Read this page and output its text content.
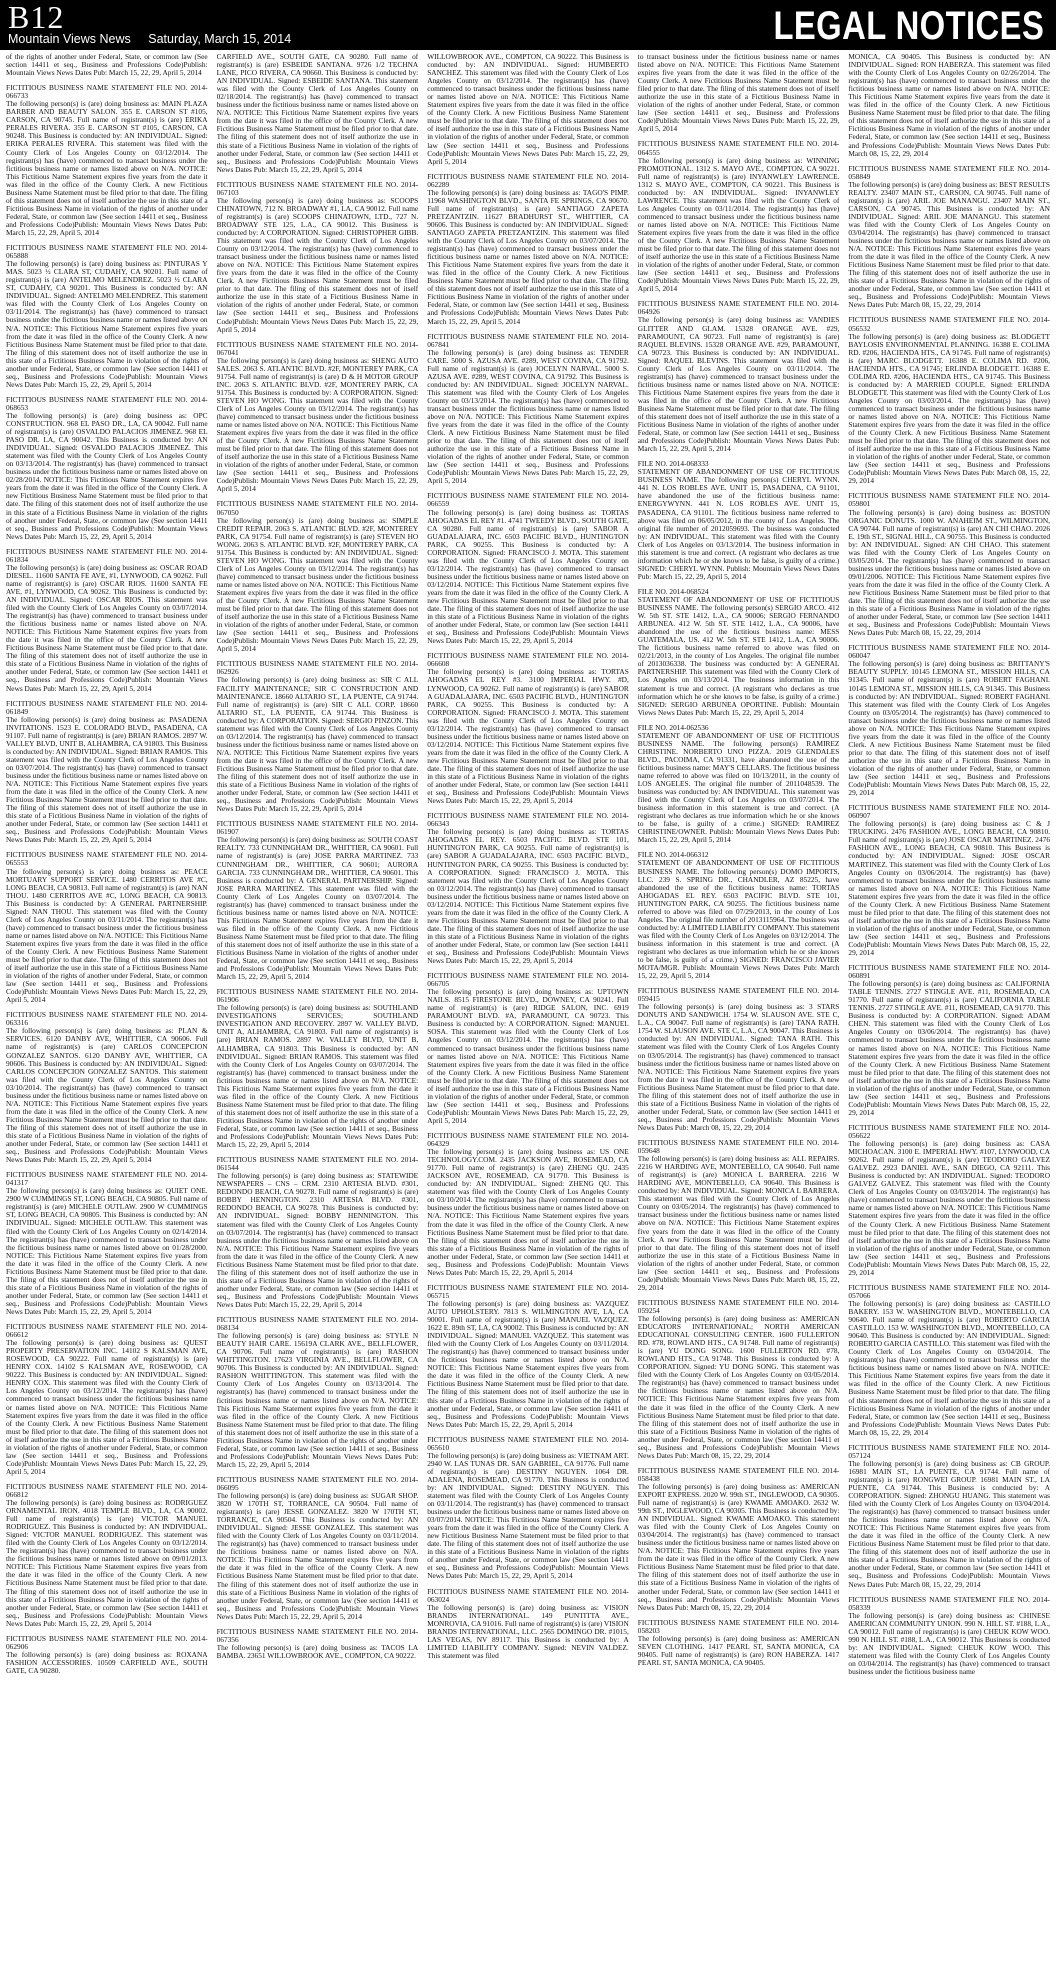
B12
Mountain Views News Saturday, March 15, 2014	LEGAL NOTICES
of the rights of another under Federal, State, or common law (See section 14411 et seq., Business and Professions Code)Publish: Mountain Views News Dates Pub: March 15, 22, 29, April 5, 2014
FICTITIOUS BUSINESS NAME STATEMENT FILE NO. 2014-066733
The following person(s) is (are) doing business as: MAIN PLAZA BARBER AND BEAUTY SALON. 355 E. CARSON ST #105, CARSON, CA 90745. Full name of registrant(s) is (are) ERIKA PERALES RIVERA. 355 E. CARSON ST #105, CARSON, CA 90248. This Business is conducted by: AN INDIVIDUAL. Signed: ERIKA PERALES RIVERA. This statement was filed with the County Clerk of Los Angeles County on 03/12/2014. The registrant(s) has (have) commenced to transact business under the fictitious business name or names listed above on N/A. NOTICE: This Fictitious Name Statement expires five years from the date it was filed in the office of the County Clerk. A new Fictitious Business Name Statement must be filed prior to that date. The filing of this statement does not of itself authorize the use in this state of a Fictitious Business Name in violation of the rights of another under Federal, State, or common law (See section 14411 et seq., Business and Professions Code)Publish: Mountain Views News Dates Pub: March 15, 22, 29, April 5, 2014
FICTITIOUS BUSINESS NAME STATEMENT FILE NO. 2014-065888
The following person(s) is (are) doing business as: PINTURAS Y MAS. 5023 ½ CLARA ST, CUDAHY, CA 90201. Full name of registrant(s) is (are) ANTELMO MELENDREZ. 5023 ½ CLARA ST, CUDAHY, CA 90201. This Business is conducted by: AN INDIVIDUAL. Signed: ANTELMO MELENDREZ. This statement was filed with the County Clerk of Los Angeles County on 03/11/2014. The registrant(s) has (have) commenced to transact business under the fictitious business name or names listed above on N/A. NOTICE: This Fictitious Name Statement expires five years from the date it was filed in the office of the County Clerk. A new Fictitious Business Name Statement must be filed prior to that date. The filing of this statement does not of itself authorize the use in this state of a Fictitious Business Name in violation of the rights of another under Federal, State, or common law (See section 14411 et seq., Business and Professions Code)Publish: Mountain Views News Dates Pub: March 15, 22, 29, April 5, 2014
FICTITIOUS BUSINESS NAME STATEMENT FILE NO. 2014-068653
The following person(s) is (are) doing business as: OPC CONSTRUCTION. 968 EL PASO DR., LA, CA 90042. Full name of registrant(s) is (are) OSVALDO PALACIOS JIMENEZ. 968 EL PASO DR. LA, CA 90042. This Business is conducted by: AN INDIVIDUAL. Signed: OSVALDO PALACIOS JIMENEZ. This statement was filed with the County Clerk of Los Angeles County on 03/13/2014. The registrant(s) has (have) commenced to transact business under the fictitious business name or names listed above on 02/28/2014. NOTICE: This Fictitious Name Statement expires five years from the date it was filed in the office of the County Clerk. A new Fictitious Business Name Statement must be filed prior to that date. The filing of this statement does not of itself authorize the use in this state of a Fictitious Business Name in violation of the rights of another under Federal, State, or common law (See section 14411 et seq., Business and Professions Code)Publish: Mountain Views News Dates Pub: March 15, 22, 29, April 5, 2014
FICTITIOUS BUSINESS NAME STATEMENT FILE NO. 2014-061834
The following person(s) is (are) doing business as: OSCAR ROAD DIESEL. 11600 SANTA FE AVE, #1, LYNWOOD, CA 90262. Full name of registrant(s) is (are) OSCAR RIOS. 11600 SANTA FE AVE, #1, LYNWOOD, CA 90262. This Business is conducted by: AN INDIVIDUAL. Signed: OSCAR RIOS. This statement was filed with the County Clerk of Los Angeles County on 03/07/2014. The registrant(s) has (have) commenced to transact business under the fictitious business name or names listed above on N/A. NOTICE: This Fictitious Name Statement expires five years from the date it was filed in the office of the County Clerk. A new Fictitious Business Name Statement must be filed prior to that date. The filing of this statement does not of itself authorize the use in this state of a Fictitious Business Name in violation of the rights of another under Federal, State, or common law (See section 14411 et seq., Business and Professions Code)Publish: Mountain Views News Dates Pub: March 15, 22, 29, April 5, 2014
FICTITIOUS BUSINESS NAME STATEMENT FILE NO. 2014-061849
The following person(s) is (are) doing business as: PASADENA INVITATIONS. 1523 E. COLORADO BLVD., PASADENA, CA 91107. Full name of registrant(s) is (are) BRIAN RAMOS. 2897 W. VALLEY BLVD, UNIT B, ALHAMBRA, CA 91803. This Business is conducted by: AN INDIVIDUAL. Signed: BRIAN RAMOS. This statement was filed with the County Clerk of Los Angeles County on 03/07/2014. The registrant(s) has (have) commenced to transact business under the fictitious business name or names listed above on N/A. NOTICE: This Fictitious Name Statement expires five years from the date it was filed in the office of the County Clerk. A new Fictitious Business Name Statement must be filed prior to that date. The filing of this statement does not of itself authorize the use in this state of a Fictitious Business Name in violation of the rights of another under Federal, State, or common law (See section 14411 et seq., Business and Professions Code)Publish: Mountain Views News Dates Pub: March 15, 22, 29, April 5, 2014
FICTITIOUS BUSINESS NAME STATEMENT FILE NO. 2014-065553
The following person(s) is (are) doing business as: PEACE MORTUARY SUPPORT SERVICE. 1480 CERRITOS AVE #C, LONG BEACH, CA 90813. Full name of registrant(s) is (are) NAN THOU. 1480 CERRITOS AVE #C, LONG BEACH, CA 90813. This Business is conducted by: A GENERAL PARTNERSHIP. Signed: NAN THOU. This statement was filed with the County Clerk of Los Angeles County on 03/11/2014. The registrant(s) has (have) commenced to transact business under the fictitious business name or names listed above on N/A. NOTICE: This Fictitious Name Statement expires five years from the date it was filed in the office of the County Clerk. A new Fictitious Business Name Statement must be filed prior to that date. The filing of this statement does not of itself authorize the use in this state of a Fictitious Business Name in violation of the rights of another under Federal, State, or common law (See section 14411 et seq., Business and Professions Code)Publish: Mountain Views News Dates Pub: March 15, 22, 29, April 5, 2014
FICTITIOUS BUSINESS NAME STATEMENT FILE NO. 2014-063316
The following person(s) is (are) doing business as: PLAN & SERVICES. 6120 DANBY AVE, WHITTIER, CA 90606. Full name of registrant(s) is (are) CARLOS CONCEPCION GONZALEZ SANTOS. 6120 DANBY AVE, WHITTIER, CA 90606. This Business is conducted by: AN INDIVIDUAL. Signed: CARLOS CONCEPCION GONZALEZ SANTOS. This statement was filed with the County Clerk of Los Angeles County on 03/10/2014. The registrant(s) has (have) commenced to transact business under the fictitious business name or names listed above on N/A. NOTICE: This Fictitious Name Statement expires five years from the date it was filed in the office of the County Clerk. A new Fictitious Business Name Statement must be filed prior to that date. The filing of this statement does not of itself authorize the use in this state of a Fictitious Business Name in violation of the rights of another under Federal, State, or common law (See section 14411 et seq., Business and Professions Code)Publish: Mountain Views News Dates Pub: March 15, 22, 29, April 5, 2014
FICTITIOUS BUSINESS NAME STATEMENT FILE NO. 2014-041317
The following person(s) is (are) doing business as: QUIET ONE. 2900 W CUMMINGS ST, LONG BEACH, CA 90805. Full name of registrant(s) is (are) MICHELE OUTLAW. 2900 W CUMMINGS ST, LONG BEACH, CA 90805. This Business is conducted by: AN INDIVIDUAL. Signed: MICHELE OUTLAW. This statement was filed with the County Clerk of Los Angeles County on 02/14/2014. The registrant(s) has (have) commenced to transact business under the fictitious business name or names listed above on 01/28/2000. NOTICE: This Fictitious Name Statement expires five years from the date it was filed in the office of the County Clerk. A new Fictitious Business Name Statement must be filed prior to that date. The filing of this statement does not of itself authorize the use in this state of a Fictitious Business Name in violation of the rights of another under Federal, State, or common law (See section 14411 et seq., Business and Professions Code)Publish: Mountain Views News Dates Pub: March 15, 22, 29, April 5, 2014
FICTITIOUS BUSINESS NAME STATEMENT FILE NO. 2014-066612
The following person(s) is (are) doing business as: QUEST PROPERTY PRESERVATION INC. 14102 S KALSMAN AVE, ROSEWOOD, CA 90222. Full name of registrant(s) is (are) HENRY COX. 14102 S KALSMAN AVE, ROSEWOOD, CA 90222. This Business is conducted by: AN INDIVIDUAL. Signed: HENRY COX. This statement was filed with the County Clerk of Los Angeles County on 03/12/2014. The registrant(s) has (have) commenced to transact business under the fictitious business name or names listed above on N/A. NOTICE: This Fictitious Name Statement expires five years from the date it was filed in the office of the County Clerk. A new Fictitious Business Name Statement must be filed prior to that date. The filing of this statement does not of itself authorize the use in this state of a Fictitious Business Name in violation of the rights of another under Federal, State, or common law (See section 14411 et seq., Business and Professions Code)Publish: Mountain Views News Dates Pub: March 15, 22, 29, April 5, 2014
FICTITIOUS BUSINESS NAME STATEMENT FILE NO. 2014-066812
The following person(s) is (are) doing business as: RODRIGUEZ ORNAMENTAL IRON. 4018 TEMPLE BLVD., LA, CA 90002. Full name of registrant(s) is (are) VICTOR MANUEL RODRIGUEZ. This Business is conducted by: AN INDIVIDUAL. Signed: VICTOR MANUEL RODRIGUEZ. This statement was filed with the County Clerk of Los Angeles County on 03/12/2014. The registrant(s) has (have) commenced to transact business under the fictitious business name or names listed above on 09/01/2013. NOTICE: This Fictitious Name Statement expires five years from the date it was filed in the office of the County Clerk. A new Fictitious Business Name Statement must be filed prior to that date. The filing of this statement does not of itself authorize the use in this state of a Fictitious Business Name in violation of the rights of another under Federal, State, or common law (See section 14411 et seq., Business and Professions Code)Publish: Mountain Views News Dates Pub: March 15, 22, 29, April 5, 2014
FICTITIOUS BUSINESS NAME STATEMENT FILE NO. 2014-062906
The following person(s) is (are) doing business as: ROXANA FASHION ACCESSORIES. 10509 CARFIELD AVE., SOUTH GATE, CA 90280.
CARFIELD AVE., SOUTH GATE, CA 90280. Full name of registrant(s) is (are) ESBEIDE SANTANA. 9726 1/2 TECHNA LANE, PICO RIVERA, CA 90660. This Business is conducted by: AN INDIVIDUAL. Signed: ESBEIDE SANTANA. This statement was filed with the County Clerk of Los Angeles County on 02/18/2014. The registrant(s) has (have) commenced to transact business under the fictitious business name or names listed above on N/A. NOTICE: This Fictitious Name Statement expires five years from the date it was filed in the office of the County Clerk. A new Fictitious Business Name Statement must be filed prior to that date. The filing of this statement does not of itself authorize the use in this state of a Fictitious Business Name in violation of the rights of another under Federal, State, or common law (See section 14411 et seq., Business and Professions Code)Publish: Mountain Views News Dates Pub: March 15, 22, 29, April 5, 2014
FICTITIOUS BUSINESS NAME STATEMENT FILE NO. 2014-067103
The following person(s) is (are) doing business as: SCOOPS CHINATOWN, 712 N. BROADWAY #1, LA, CA 90012. Full name of registrant(s) is (are) SCOOPS CHINATOWN, LTD., 727 N. BROADWAY STE 125, L.A., CA 90012. This Business is conducted by: A CORPORATION. Signed: CHRISTOPHER GIBB. This statement was filed with the County Clerk of Los Angeles County on 03/12/2014. The registrant(s) has (have) commenced to transact business under the fictitious business name or names listed above on N/A. NOTICE: This Fictitious Name Statement expires five years from the date it was filed in the office of the County Clerk. A new Fictitious Business Name Statement must be filed prior to that date. The filing of this statement does not of itself authorize the use in this state of a Fictitious Business Name in violation of the rights of another under Federal, State, or common law (See section 14411 et seq., Business and Professions Code)Publish: Mountain Views News Dates Pub: March 15, 22, 29, April 5, 2014
FICTITIOUS BUSINESS NAME STATEMENT FILE NO. 2014-067041
The following person(s) is (are) doing business as: SHENG AUTO SALES. 2063 S. ATLANTIC BLVD. #2F, MONTEREY PARK, CA 91754. Full name of registrant(s) is (are) D & H MOTOR GROUP INC. 2063 S. ATLANTIC BLVD. #2F, MONTEREY PARK, CA 91754. This Business is conducted by: A CORPORATION. Signed: STEVEN HO WONG. This statement was filed with the County Clerk of Los Angeles County on 03/12/2014. The registrant(s) has (have) commenced to transact business under the fictitious business name or names listed above on N/A. NOTICE: This Fictitious Name Statement expires five years from the date it was filed in the office of the County Clerk. A new Fictitious Business Name Statement must be filed prior to that date. The filing of this statement does not of itself authorize the use in this state of a Fictitious Business Name in violation of the rights of another under Federal, State, or common law (See section 14411 et seq., Business and Professions Code)Publish: Mountain Views News Dates Pub: March 15, 22, 29, April 5, 2014
FICTITIOUS BUSINESS NAME STATEMENT FILE NO. 2014-067050
The following person(s) is (are) doing business as: SIMPLE CREDIT REPAIR. 2063 S. ATLANTIC BLVD. #2F, MONTEREY PARK, CA 91754. Full name of registrant(s) is (are) STEVEN HO WONG. 2063 S. ATLANTIC BLVD. #2F, MONTEREY PARK, CA 91754. This Business is conducted by: AN INDIVIDUAL. Signed: STEVEN HO WONG. This statement was filed with the County Clerk of Los Angeles County on 03/12/2014. The registrant(s) has (have) commenced to transact business under the fictitious business name or names listed above on N/A. NOTICE: This Fictitious Name Statement expires five years from the date it was filed in the office of the County Clerk. A new Fictitious Business Name Statement must be filed prior to that date. The filing of this statement does not of itself authorize the use in this state of a Fictitious Business Name in violation of the rights of another under Federal, State, or common law (See section 14411 et seq., Business and Professions Code)Publish: Mountain Views News Dates Pub: March 15, 22, 29, April 5, 2014
FICTITIOUS BUSINESS NAME STATEMENT FILE NO. 2014-062926
The following person(s) is (are) doing business as: SIR C ALL FACILITY MAINTENANCE; SIR C CONSTRUCTION AND MAINTENANCE. 18660 ALTARIO ST., LA PUENTE, CA 91744. Full name of registrant(s) is (are) SIR C ALL CORP. 18660 ALTARIO ST., LA PUENTE, CA 91744. This Business is conducted by: A CORPORATION. Signed: SERGIO PINZON. This statement was filed with the County Clerk of Los Angeles County on 03/12/2014. The registrant(s) has (have) commenced to transact business under the fictitious business name or names listed above on N/A. NOTICE: This Fictitious Name Statement expires five years from the date it was filed in the office of the County Clerk. A new Fictitious Business Name Statement must be filed prior to that date. The filing of this statement does not of itself authorize the use in this state of a Fictitious Business Name in violation of the rights of another under Federal, State, or common law (See section 14411 et seq., Business and Professions Code)Publish: Mountain Views News Dates Pub: March 15, 22, 29, April 5, 2014
FICTITIOUS BUSINESS NAME STATEMENT FILE NO. 2014-061907
The following person(s) is (are) doing business as: SOUTH COAST REALTY. 733 CUNNINGHAM DR., WHITTIER, CA 90601. Full name of registrant(s) is (are) JOSE PARRA MARTINEZ. 733 CUNNINGHAM DR., WHITTIER, CA 90601; AURORA GARCIA. 733 CUNNINGHAM DR., WHITTIER, CA 90601. This Business is conducted by: A GENERAL PARTNERSHIP. Signed: JOSE PARRA MARTINEZ. This statement was filed with the County Clerk of Los Angeles County on 03/07/2014. The registrant(s) has (have) commenced to transact business under the fictitious business name or names listed above on N/A. NOTICE: This Fictitious Name Statement expires five years from the date it was filed in the office of the County Clerk. A new Fictitious Business Name Statement must be filed prior to that date. The filing of this statement does not of itself authorize the use in this state of a Fictitious Business Name in violation of the rights of another under Federal, State, or common law (See section 14411 et seq., Business and Professions Code)Publish: Mountain Views News Dates Pub: March 15, 22, 29, April 5, 2014
FICTITIOUS BUSINESS NAME STATEMENT FILE NO. 2014-061906
The following person(s) is (are) doing business as: SOUTHLAND INVESTIGATIONS SERVICES; SOUTHLAND INVESTIGATION AND RECOVERY. 2897 W. VALLEY BLVD, UNIT A, ALHAMBRA, CA 91803. Full name of registrant(s) is (are) BRIAN RAMOS. 2897 W. VALLEY BLVD, UNIT B, ALHAMBRA, CA 91803. This Business is conducted by: AN INDIVIDUAL. Signed: BRIAN RAMOS. This statement was filed with the County Clerk of Los Angeles County on 03/07/2014. The registrant(s) has (have) commenced to transact business under the fictitious business name or names listed above on N/A. NOTICE: This Fictitious Name Statement expires five years from the date it was filed in the office of the County Clerk. A new Fictitious Business Name Statement must be filed prior to that date. The filing of this statement does not of itself authorize the use in this state of a Fictitious Business Name in violation of the rights of another under Federal, State, or common law (See section 14411 et seq., Business and Professions Code)Publish: Mountain Views News Dates Pub: March 15, 22, 29, April 5, 2014
FICTITIOUS BUSINESS NAME STATEMENT FILE NO. 2014-061544
The following person(s) is (are) doing business as: STATEWIDE NEWSPAPERS – CNS – CRM. 2310 ARTESIA BLVD. #301, REDONDO BEACH, CA 90278. Full name of registrant(s) is (are) BOBBY HENNINGTON. 2310 ARTESIA BLVD. #301, REDONDO BEACH, CA 90278. This Business is conducted by: AN INDIVIDUAL. Signed: BOBBY HENNINGTON. This statement was filed with the County Clerk of Los Angeles County on 03/07/2014. The registrant(s) has (have) commenced to transact business under the fictitious business name or names listed above on N/A. NOTICE: This Fictitious Name Statement expires five years from the date it was filed in the office of the County Clerk. A new Fictitious Business Name Statement must be filed prior to that date. The filing of this statement does not of itself authorize the use in this state of a Fictitious Business Name in violation of the rights of another under Federal, State, or common law (See section 14411 et seq., Business and Professions Code)Publish: Mountain Views News Dates Pub: March 15, 22, 29, April 5, 2014
FICTITIOUS BUSINESS NAME STATEMENT FILE NO. 2014-068134
The following person(s) is (are) doing business as: STYLE N BEAUTY HAIR CARE. 15619A CLARK AVE., BELLFLOWER, CA 90706. Full name of registrant(s) is (are) RASHON WHITTINGTON. 17623 VIRGINIA AVE., BELLFLOWER, CA 90706. This Business is conducted by: AN INDIVIDUAL. Signed: RASHON WHITTINGTON. This statement was filed with the County Clerk of Los Angeles County on 03/13/2014. The registrant(s) has (have) commenced to transact business under the fictitious business name or names listed above on N/A. NOTICE: This Fictitious Name Statement expires five years from the date it was filed in the office of the County Clerk. A new Fictitious Business Name Statement must be filed prior to that date. The filing of this statement does not of itself authorize the use in this state of a Fictitious Business Name in violation of the rights of another under Federal, State, or common law (See section 14411 et seq., Business and Professions Code)Publish: Mountain Views News Dates Pub: March 15, 22, 29, April 5, 2014
FICTITIOUS BUSINESS NAME STATEMENT FILE NO. 2014-066095
The following person(s) is (are) doing business as: SUGAR SHOP. 3820 W 170TH ST, TORRANCE, CA 90504. Full name of registrant(s) is (are) JESSE GONZALEZ. 3820 W 170TH ST, TORRANCE, CA 90504. This Business is conducted by: AN INDIVIDUAL. Signed: JESSE GONZALEZ. This statement was filed with the County Clerk of Los Angeles County on 03/11/2014. The registrant(s) has (have) commenced to transact business under the fictitious business name or names listed above on N/A. NOTICE: This Fictitious Name Statement expires five years from the date it was filed in the office of the County Clerk. A new Fictitious Business Name Statement must be filed prior to that date. The filing of this statement does not of itself authorize the use in this state of a Fictitious Business Name in violation of the rights of another under Federal, State, or common law (See section 14411 et seq., Business and Professions Code)Publish: Mountain Views News Dates Pub: March 15, 22, 29, April 5, 2014
FICTITIOUS BUSINESS NAME STATEMENT FILE NO. 2014-067356
The following person(s) is (are) doing business as: TACOS LA BAMBA. 23651 WILLOWBROOK AVE., COMPTON, CA 90222.
WILLOWBROOK AVE., COMPTON, CA 90222. This Business is conducted by: AN INDIVIDUAL. Signed: HUMBERTO SANCHEZ. This statement was filed with the County Clerk of Los Angeles County on 03/12/2014. The registrant(s) has (have) commenced to transact business under the fictitious business name or names listed above on N/A. NOTICE: This Fictitious Name Statement expires five years from the date it was filed in the office of the County Clerk. A new Fictitious Business Name Statement must be filed prior to that date. The filing of this statement does not of itself authorize the use in this state of a Fictitious Business Name in violation of the rights of another under Federal, State, or common law (See section 14411 et seq., Business and Professions Code)Publish: Mountain Views News Dates Pub: March 15, 22, 29, April 5, 2014
FICTITIOUS BUSINESS NAME STATEMENT FILE NO. 2014-062289
The following person(s) is (are) doing business as: TAGO'S PIMP. 11968 WASHINGTON BLVD., SANTA FE SPRINGS, CA 90670. Full name of registrant(s) is (are) SANTIAGO ZAPETA PRETZANTZIN. 11627 BRADHURST ST., WHITTIER, CA 90606. This Business is conducted by: AN INDIVIDUAL. Signed: SANTIAGO ZAPETA PRETZANTZIN. This statement was filed with the County Clerk of Los Angeles County on 03/07/2014. The registrant(s) has (have) commenced to transact business under the fictitious business name or names listed above on N/A. NOTICE: This Fictitious Name Statement expires five years from the date it was filed in the office of the County Clerk. A new Fictitious Business Name Statement must be filed prior to that date. The filing of this statement does not of itself authorize the use in this state of a Fictitious Business Name in violation of the rights of another under Federal, State, or common law (See section 14411 et seq., Business and Professions Code)Publish: Mountain Views News Dates Pub: March 15, 22, 29, April 5, 2014
FICTITIOUS BUSINESS NAME STATEMENT FILE NO. 2014-067841
The following person(s) is (are) doing business as: TENDER CARE. 5000 S. AZUSA AVE. #289, WEST COVINA, CA 91792. Full name of registrant(s) is (are) JOCELYN NARVAL. 5000 S. AZUSA AVE. #289, WEST COVINA, CA 91792. This Business is conducted by: AN INDIVIDUAL. Signed: JOCELYN NARVAL. This statement was filed with the County Clerk of Los Angeles County on 03/13/2014. The registrant(s) has (have) commenced to transact business under the fictitious business name or names listed above on N/A. NOTICE: This Fictitious Name Statement expires five years from the date it was filed in the office of the County Clerk. A new Fictitious Business Name Statement must be filed prior to that date. The filing of this statement does not of itself authorize the use in this state of a Fictitious Business Name in violation of the rights of another under Federal, State, or common law (See section 14411 et seq., Business and Professions Code)Publish: Mountain Views News Dates Pub: March 15, 22, 29, April 5, 2014
FICTITIOUS BUSINESS NAME STATEMENT FILE NO. 2014-066559
The following person(s) is (are) doing business as: TORTAS AHOGADAS EL REY #1. 4741 TWEEDY BLVD., SOUTH GATE, CA 90280. Full name of registrant(s) is (are) SABOR A GUADALAJARA, INC. 6503 PACIFIC BLVD., HUNTINGTON PARK, CA 90255. This Business is conducted by: A CORPORATION. Signed: FRANCISCO J. MOTA. This statement was filed with the County Clerk of Los Angeles County on 03/12/2014. The registrant(s) has (have) commenced to transact business under the fictitious business name or names listed above on 03/12/2014. NOTICE: This Fictitious Name Statement expires five years from the date it was filed in the office of the County Clerk. A new Fictitious Business Name Statement must be filed prior to that date. The filing of this statement does not of itself authorize the use in this state of a Fictitious Business Name in violation of the rights of another under Federal, State, or common law (See section 14411 et seq., Business and Professions Code)Publish: Mountain Views News Dates Pub: March 15, 22, 29, April 5, 2014
FICTITIOUS BUSINESS NAME STATEMENT FILE NO. 2014-066608
The following person(s) is (are) doing business as: TORTAS AHOGADAS EL REY #3. 3100 IMPERIAL HWY. #D, LYNWOOD, CA 90262. Full name of registrant(s) is (are) SABOR A GUADALAJARA, INC. 6503 PACIFIC BLVD., HUNTINGTON PARK, CA 90255. This Business is conducted by: A CORPORATION. Signed: FRANCISCO J. MOTA. This statement was filed with the County Clerk of Los Angeles County on 03/12/2014. The registrant(s) has (have) commenced to transact business under the fictitious business name or names listed above on 03/12/2014. NOTICE: This Fictitious Name Statement expires five years from the date it was filed in the office of the County Clerk. A new Fictitious Business Name Statement must be filed prior to that date. The filing of this statement does not of itself authorize the use in this state of a Fictitious Business Name in violation of the rights of another under Federal, State, or common law (See section 14411 et seq., Business and Professions Code)Publish: Mountain Views News Dates Pub: March 15, 22, 29, April 5, 2014
FICTITIOUS BUSINESS NAME STATEMENT FILE NO. 2014-066343
The following person(s) is (are) doing business as: TORTAS AHOGADAS EL REY. 6503 PACIFIC BLVD. STE 101, HUNTINGTON PARK, CA 90255. Full name of registrant(s) is (are) SABOR A GUADALAJARA, INC. 6503 PACIFIC BLVD., HUNTINGTON PARK, CA 90255. This Business is conducted by: A CORPORATION. Signed: FRANCISCO J. MOTA. This statement was filed with the County Clerk of Los Angeles County on 03/12/2014. The registrant(s) has (have) commenced to transact business under the fictitious business name or names listed above on 03/12/2014. NOTICE: This Fictitious Name Statement expires five years from the date it was filed in the office of the County Clerk. A new Fictitious Business Name Statement must be filed prior to that date. The filing of this statement does not of itself authorize the use in this state of a Fictitious Business Name in violation of the rights of another under Federal, State, or common law (See section 14411 et seq., Business and Professions Code)Publish: Mountain Views News Dates Pub: March 15, 22, 29, April 5, 2014
FICTITIOUS BUSINESS NAME STATEMENT FILE NO. 2014-066705
The following person(s) is (are) doing business as: UPTOWN NAILS. 8515 FIRESTONE BLVD., DOWNEY, CA 90241. Full name of registrant(s) is (are) RIDGE SALON, INC. 6919 PARAMOUNT BLVD. #A, PARAMOUNT, CA 90723. This Business is conducted by: A CORPORATION. Signed: MANUEL SOSA. This statement was filed with the County Clerk of Los Angeles County on 03/12/2014. The registrant(s) has (have) commenced to transact business under the fictitious business name or names listed above on N/A. NOTICE: This Fictitious Name Statement expires five years from the date it was filed in the office of the County Clerk. A new Fictitious Business Name Statement must be filed prior to that date. The filing of this statement does not of itself authorize the use in this state of a Fictitious Business Name in violation of the rights of another under Federal, State, or common law (See section 14411 et seq., Business and Professions Code)Publish: Mountain Views News Dates Pub: March 15, 22, 29, April 5, 2014
FICTITIOUS BUSINESS NAME STATEMENT FILE NO. 2014-064329
The following person(s) is (are) doing business as: US ONE TECHNOLOGY.COM. 2435 JACKSON AVE, ROSEMEAD, CA 91770. Full name of registrant(s) is (are) ZHENG QU. 2435 JACKSON AVE, ROSEMEAD, CA 91770. This Business is conducted by: AN INDIVIDUAL. Signed: ZHENG QU. This statement was filed with the County Clerk of Los Angeles County on 03/10/2014. The registrant(s) has (have) commenced to transact business under the fictitious business name or names listed above on N/A. NOTICE: This Fictitious Name Statement expires five years from the date it was filed in the office of the County Clerk. A new Fictitious Business Name Statement must be filed prior to that date. The filing of this statement does not of itself authorize the use in this state of a Fictitious Business Name in violation of the rights of another under Federal, State, or common law (See section 14411 et seq., Business and Professions Code)Publish: Mountain Views News Dates Pub: March 15, 22, 29, April 5, 2014
FICTITIOUS BUSINESS NAME STATEMENT FILE NO. 2014-065715
The following person(s) is (are) doing business as: VAZQUEZ AUTO UPHOLSTERY. 7813 S. WILMINGTON AVE, LA, CA 90001. Full name of registrant(s) is (are) MANUEL VAZQUEZ. 1622 E. 89th ST, LA, CA 90002. This Business is conducted by: AN INDIVIDUAL. Signed: MANUEL VAZQUEZ. This statement was filed with the County Clerk of Los Angeles County on 03/11/2014. The registrant(s) has (have) commenced to transact business under the fictitious business name or names listed above on N/A. NOTICE: This Fictitious Name Statement expires five years from the date it was filed in the office of the County Clerk. A new Fictitious Business Name Statement must be filed prior to that date. The filing of this statement does not of itself authorize the use in this state of a Fictitious Business Name in violation of the rights of another under Federal, State, or common law (See section 14411 et seq., Business and Professions Code)Publish: Mountain Views News Dates Pub: March 15, 22, 29, April 5, 2014
FICTITIOUS BUSINESS NAME STATEMENT FILE NO. 2014-065610
The following person(s) is (are) doing business as: VIETNAM ART. 2940 W. LAS TUNAS DR. SAN GABRIEL, CA 91776. Full name of registrant(s) is (are) DESTINY NGUYEN. 1064 DR. ADALENA, ROSEMEAD, CA 91770. This Business is conducted by: AN INDIVIDUAL. Signed: DESTINY NGUYEN. This statement was filed with the County Clerk of Los Angeles County on 03/11/2014. The registrant(s) has (have) commenced to transact business under the fictitious business name or names listed above on 03/07/2014. NOTICE: This Fictitious Name Statement expires five years from the date it was filed in the office of the County Clerk. A new Fictitious Business Name Statement must be filed prior to that date. The filing of this statement does not of itself authorize the use in this state of a Fictitious Business Name in violation of the rights of another under Federal, State, or common law (See section 14411 et seq., Business and Professions Code)Publish: Mountain Views News Dates Pub: March 15, 22, 29, April 5, 2014
FICTITIOUS BUSINESS NAME STATEMENT FILE NO. 2014-063024
The following person(s) is (are) doing business as: VISION BRANDS INTERNATIONAL. 149 PUNTITTA AVE., MONROVIA, CA 91016. Full name of registrant(s) is (are) VISION BRANDS INTERNATIONAL, LLC. 2565 DOMINGO DR. #1015, LAS VEGAS, NV 89117. This Business is conducted by: A LIMITED LIABILITY COMPANY. Signed: NEVIN VALDEZ. This statement was filed
to transact business under the fictitious business name or names listed above on N/A. NOTICE: This Fictitious Name Statement expires five years from the date it was filed in the office of the County Clerk. A new Fictitious Business Name Statement must be filed prior to that date. The filing of this statement does not of itself authorize the use in this state of a Fictitious Business Name in violation of the rights of another under Federal, State, or common law (See section 14411 et seq., Business and Professions Code)Publish: Mountain Views News Dates Pub: March 15, 22, 29, April 5, 2014
FICTITIOUS BUSINESS NAME STATEMENT FILE NO. 2014-064555
The following person(s) is (are) doing business as: WINNING PROMOTIONAL. 1312 S. MAYO AVE., COMPTON, CA 90221. Full name of registrant(s) is (are) INYANWLEY LAWRENCE. 1312 S. MAYO AVE., COMPTON, CA 90221. This Business is conducted by: AN INDIVIDUAL. Signed: INYANWLEY LAWRENCE. This statement was filed with the County Clerk of Los Angeles County on 03/11/2014. The registrant(s) has (have) commenced to transact business under the fictitious business name or names listed above on N/A. NOTICE: This Fictitious Name Statement expires five years from the date it was filed in the office of the County Clerk. A new Fictitious Business Name Statement must be filed prior to that date. The filing of this statement does not of itself authorize the use in this state of a Fictitious Business Name in violation of the rights of another under Federal, State, or common law (See section 14411 et seq., Business and Professions Code)Publish: Mountain Views News Dates Pub: March 15, 22, 29, April 5, 2014
FICTITIOUS BUSINESS NAME STATEMENT FILE NO. 2014-064926
The following person(s) is (are) doing business as: VANDIES GLITTER AND GLAM. 15328 ORANGE AVE. #29, PARAMOUNT, CA 90723. Full name of registrant(s) is (are) RAQUEL BLEVINS. 15328 ORANGE AVE. #29, PARAMOUNT, CA 90723. This Business is conducted by: AN INDIVIDUAL. Signed: RAQUEL BLEVINS. This statement was filed with the County Clerk of Los Angeles County on 03/11/2014. The registrant(s) has (have) commenced to transact business under the fictitious business name or names listed above on N/A. NOTICE: This Fictitious Name Statement expires five years from the date it was filed in the office of the County Clerk. A new Fictitious Business Name Statement must be filed prior to that date. The filing of this statement does not of itself authorize the use in this state of a Fictitious Business Name in violation of the rights of another under Federal, State, or common law (See section 14411 et seq., Business and Professions Code)Publish: Mountain Views News Dates Pub: March 15, 22, 29, April 5, 2014
FILE NO. 2014-068333
STATEMENT OF ABANDONMENT OF USE OF FICTITIOUS BUSINESS NAME. The following person(s) CHERYL WYNN. 441 N. LOS ROBLES AVE. UNIT 15, PASADENA, CA 91101, have abandoned the use of the fictitious business name: ENERGYWYNN. 441 N. LOS ROBLES AVE. UNIT 15, PASADENA, CA 91101. The fictitious business name referred to above was filed on 06/05/2012, in the county of Los Angeles. The original file number of 2012059693. The business was conducted by: AN INDIVIDUAL. This statement was filed with the County Clerk of Los Angeles on 03/13/2014. The business information in this statement is true and correct. (A registrant who declares as true information which he or she knows to be false, is guilty of a crime.) SIGNED: CHERYL WYNN. Publish: Mountain Views News Dates Pub: March 15, 22, 29, April 5, 2014
FILE NO. 2014-068524
STATEMENT OF ABANDONMENT OF USE OF FICTITIOUS BUSINESS NAME. The following person(s) SERGIO ARCO. 412 W. 5th ST. STE 1412, L.A., CA 90006; SERGIO FERNANDO ARBUNEA. 412 W. 5th ST. STE 1412, L.A., CA 90006, have abandoned the use of the fictitious business name: MESS GUATEMALA, US. 412 W. 5th ST. STE 1412, L.A., CA 90006. The fictitious business name referred to above was filed on 02/21/2013, in the county of Los Angeles. The original file number of 2013036338. The business was conducted by: A GENERAL PARTNERSHIP. This statement was filed with the County Clerk of Los Angeles on 03/13/2014. The business information in this statement is true and correct. (A registrant who declares as true information which he or she knows to be false, is guilty of a crime.) SIGNED: SERGIO ARBUNEA OPORTINE. Publish: Mountain Views News Dates Pub: March 15, 22, 29, April 5, 2014
FILE NO. 2014-062536
STATEMENT OF ABANDONMENT OF USE OF FICTITIOUS BUSINESS NAME. The following person(s) RAMIREZ CHRISTINE. NORBERTO UNO PIZZA. 2019 GLENDALES BLVD., PACOIMA, CA 91331, have abandoned the use of the fictitious business name: MAY'S CELLARS. The fictitious business name referred to above was filed on 10/13/2011, in the county of LOS ANGELES. The original file number of 2011048539. The business was conducted by: AN INDIVIDUAL. This statement was filed with the County Clerk of Los Angeles on 03/07/2014. The business information in this statement is true and correct. (A registrant who declares as true information which he or she knows to be false, is guilty of a crime.) SIGNED: RAMIREZ CHRISTINE/OWNER. Publish: Mountain Views News Dates Pub: March 15, 22, 29, April 5, 2014
FILE NO. 2014-066312
STATEMENT OF ABANDONMENT OF USE OF FICTITIOUS BUSINESS NAME. The following person(s) DOMO IMPORTS, LLC. 239 S. SPRING DR., CHANDLER, AZ 85225, have abandoned the use of the fictitious business name: TORTAS AHOGADAS EL REY. 6503 PACIFIC BLVD. STE 101, HUNTINGTON PARK, CA 90255. The fictitious business name referred to above was filed on 07/29/2013, in the county of Los Angeles. The original file number of 2013115964. The business was conducted by: A LIMITED LIABILITY COMPANY. This statement was filed with the County Clerk of Los Angeles on 03/12/2014. The business information in this statement is true and correct. (A registrant who declares as true information which he or she knows to be false, is guilty of a crime.) SIGNED: FRANCISCO JAVIER MOTA/MGR. Publish: Mountain Views News Dates Pub: March 15, 22, 29, April 5, 2014
FICTITIOUS BUSINESS NAME STATEMENT FILE NO. 2014-059415
The following person(s) is (are) doing business as: 3 STARS DONUTS AND SANDWICH. 1754 W. SLAUSON AVE. STE C, L.A., CA 90047. Full name of registrant(s) is (are) TANA RATH. 1754 W. SLAUSON AVE. STE C, L.A., CA 90047. This Business is conducted by: AN INDIVIDUAL. Signed: TANA RATH. This statement was filed with the County Clerk of Los Angeles County on 03/05/2014. The registrant(s) has (have) commenced to transact business under the fictitious business name or names listed above on N/A. NOTICE: This Fictitious Name Statement expires five years from the date it was filed in the office of the County Clerk. A new Fictitious Business Name Statement must be filed prior to that date. The filing of this statement does not of itself authorize the use in this state of a Fictitious Business Name in violation of the rights of another under Federal, State, or common law (See section 14411 et seq., Business and Professions Code)Publish: Mountain Views News Dates Pub: March 08, 15, 22, 29, 2014
FICTITIOUS BUSINESS NAME STATEMENT FILE NO. 2014-059648
The following person(s) is (are) doing business as: ALL REPAIRS. 2216 W HARDING AVE, MONTEBELLO, CA 90640. Full name of registrant(s) is (are) MONICA L BARRERA. 2216 W HARDING AVE, MONTEBELLO, CA 90640. This Business is conducted by: AN INDIVIDUAL. Signed: MONICA L BARRERA. This statement was filed with the County Clerk of Los Angeles County on 03/05/2014. The registrant(s) has (have) commenced to transact business under the fictitious business name or names listed above on N/A. NOTICE: This Fictitious Name Statement expires five years from the date it was filed in the office of the County Clerk. A new Fictitious Business Name Statement must be filed prior to that date. The filing of this statement does not of itself authorize the use in this state of a Fictitious Business Name in violation of the rights of another under Federal, State, or common law (See section 14411 et seq., Business and Professions Code)Publish: Mountain Views News Dates Pub: March 08, 15, 22, 29, 2014
FICTITIOUS BUSINESS NAME STATEMENT FILE NO. 2014-059254
The following person(s) is (are) doing business as: AMERICAN EDUCATORS INTERNATIONAL; NORTH AMERICAN EDUCATIONAL CONSULTING CENTER. 1600 FULLERTON RD. #78, ROWLAND HTS., CA 91748. Full name of registrant(s) is (are) YU DONG SONG. 1600 FULLERTON RD. #78, ROWLAND HTS., CA 91748. This Business is conducted by: A CORPORATION. Signed: YU DONG SONG. This statement was filed with the County Clerk of Los Angeles County on 03/05/2014. The registrant(s) has (have) commenced to transact business under the fictitious business name or names listed above on N/A. NOTICE: This Fictitious Name Statement expires five years from the date it was filed in the office of the County Clerk. A new Fictitious Business Name Statement must be filed prior to that date. The filing of this statement does not of itself authorize the use in this state of a Fictitious Business Name in violation of the rights of another under Federal, State, or common law (See section 14411 et seq., Business and Professions Code)Publish: Mountain Views News Dates Pub: March 08, 15, 22, 29, 2014
FICTITIOUS BUSINESS NAME STATEMENT FILE NO. 2014-058438
The following person(s) is (are) doing business as: AMERICAN EXPORT EXPRESS. 2020 W. 99th ST., INGLEWOOD, CA 90305. Full name of registrant(s) is (are) KWAME AMOAKO. 2632 W. 99th ST., INGLEWOOD, CA 90305. This Business is conducted by: AN INDIVIDUAL. Signed: KWAME AMOAKO. This statement was filed with the County Clerk of Los Angeles County on 03/04/2014. The registrant(s) has (have) commenced to transact business under the fictitious business name or names listed above on N/A. NOTICE: This Fictitious Name Statement expires five years from the date it was filed in the office of the County Clerk. A new Fictitious Business Name Statement must be filed prior to that date. The filing of this statement does not of itself authorize the use in this state of a Fictitious Business Name in violation of the rights of another under Federal, State, or common law (See section 14411 et seq., Business and Professions Code)Publish: Mountain Views News Dates Pub: March 08, 15, 22, 29, 2014
FICTITIOUS BUSINESS NAME STATEMENT FILE NO. 2014-058203
The following person(s) is (are) doing business as: AMERICAN SEVEN CLOTHING. 1417 PEARL ST, SANTA MONICA, CA 90405. Full name of registrant(s) is (are) RON HABERZA. 1417 PEARL ST, SANTA MONICA, CA 90405.
MONICA, CA 90405. This Business is conducted by: AN INDIVIDUAL. Signed: RON HABERZA. This statement was filed with the County Clerk of Los Angeles County on 02/26/2014. The registrant(s) has (have) commenced to transact business under the fictitious business name or names listed above on N/A. NOTICE: This Fictitious Name Statement expires five years from the date it was filed in the office of the County Clerk. A new Fictitious Business Name Statement must be filed prior to that date. The filing of this statement does not of itself authorize the use in this state of a Fictitious Business Name in violation of the rights of another under Federal, State, or common law (See section 14411 et seq., Business and Professions Code)Publish: Mountain Views News Dates Pub: March 08, 15, 22, 29, 2014
FICTITIOUS BUSINESS NAME STATEMENT FILE NO. 2014-058849
The following person(s) is (are) doing business as: BEST RESULTS REALTY. 23407 MAIN ST., CARSON, CA 90745. Full name of registrant(s) is (are) ARIL JOE MANANGU. 23407 MAIN ST., CARSON, CA 90745. This Business is conducted by: AN INDIVIDUAL. Signed: ARIL JOE MANANGU. This statement was filed with the County Clerk of Los Angeles County on 03/04/2014. The registrant(s) has (have) commenced to transact business under the fictitious business name or names listed above on N/A. NOTICE: This Fictitious Name Statement expires five years from the date it was filed in the office of the County Clerk. A new Fictitious Business Name Statement must be filed prior to that date. The filing of this statement does not of itself authorize the use in this state of a Fictitious Business Name in violation of the rights of another under Federal, State, or common law (See section 14411 et seq., Business and Professions Code)Publish: Mountain Views News Dates Pub: March 08, 15, 22, 29, 2014
FICTITIOUS BUSINESS NAME STATEMENT FILE NO. 2014-056532
The following person(s) is (are) doing business as: BLODGETT BAYLOSIS ENVIRONMENTAL PLANNING. 16388 E. COLIMA RD. #206, HACIENDA HTS., CA 91745. Full name of registrant(s) is (are) MARC BLODGETT. 16388 E. COLIMA RD. #206, HACIENDA HTS., CA 91745; ERLINDA BLODGETT. 16388 E. COLIMA RD. #206, HACIENDA HTS., CA 91745. This Business is conducted by: A MARRIED COUPLE. Signed: ERLINDA BLODGETT. This statement was filed with the County Clerk of Los Angeles County on 03/03/2014. The registrant(s) has (have) commenced to transact business under the fictitious business name or names listed above on N/A. NOTICE: This Fictitious Name Statement expires five years from the date it was filed in the office of the County Clerk. A new Fictitious Business Name Statement must be filed prior to that date. The filing of this statement does not of itself authorize the use in this state of a Fictitious Business Name in violation of the rights of another under Federal, State, or common law (See section 14411 et seq., Business and Professions Code)Publish: Mountain Views News Dates Pub: March 08, 15, 22, 29, 2014
FICTITIOUS BUSINESS NAME STATEMENT FILE NO. 2014-059801
The following person(s) is (are) doing business as: BOSTON ORGANIC DONUTS. 1000 W. ANAHEIM ST., WILMINGTON, CA 90744. Full name of registrant(s) is (are) AN CHI CHAO. 2026 E. 19th ST., SIGNAL HILL, CA 90755. This Business is conducted by: AN INDIVIDUAL. Signed: AN CHI CHAO. This statement was filed with the County Clerk of Los Angeles County on 03/05/2014. The registrant(s) has (have) commenced to transact business under the fictitious business name or names listed above on 09/01/2006. NOTICE: This Fictitious Name Statement expires five years from the date it was filed in the office of the County Clerk. A new Fictitious Business Name Statement must be filed prior to that date. The filing of this statement does not of itself authorize the use in this state of a Fictitious Business Name in violation of the rights of another under Federal, State, or common law (See section 14411 et seq., Business and Professions Code)Publish: Mountain Views News Dates Pub: March 08, 15, 22, 29, 2014
FICTITIOUS BUSINESS NAME STATEMENT FILE NO. 2014-060047
The following person(s) is (are) doing business as: BRITTANY'S BEAUTY SUPPLY. 10145 LEMONA ST., MISSION HILLS, CA 91345. Full name of registrant(s) is (are) ROBERT FAGHANI. 10145 LEMONA ST., MISSION HILLS, CA 91345. This Business is conducted by: AN INDIVIDUAL. Signed: ROBERT FAGHANI. This statement was filed with the County Clerk of Los Angeles County on 03/05/2014. The registrant(s) has (have) commenced to transact business under the fictitious business name or names listed above on N/A. NOTICE: This Fictitious Name Statement expires five years from the date it was filed in the office of the County Clerk. A new Fictitious Business Name Statement must be filed prior to that date. The filing of this statement does not of itself authorize the use in this state of a Fictitious Business Name in violation of the rights of another under Federal, State, or common law (See section 14411 et seq., Business and Professions Code)Publish: Mountain Views News Dates Pub: March 08, 15, 22, 29, 2014
FICTITIOUS BUSINESS NAME STATEMENT FILE NO. 2014-060907
The following person(s) is (are) doing business as: C & J TRUCKING. 2476 FASHION AVE., LONG BEACH, CA 90810. Full name of registrant(s) is (are) JOSE OSCAR MARTINEZ. 2476 FASHION AVE., LONG BEACH, CA 90810. This Business is conducted by: AN INDIVIDUAL. Signed: JOSE OSCAR MARTINEZ. This statement was filed with the County Clerk of Los Angeles County on 03/06/2014. The registrant(s) has (have) commenced to transact business under the fictitious business name or names listed above on N/A. NOTICE: This Fictitious Name Statement expires five years from the date it was filed in the office of the County Clerk. A new Fictitious Business Name Statement must be filed prior to that date. The filing of this statement does not of itself authorize the use in this state of a Fictitious Business Name in violation of the rights of another under Federal, State, or common law (See section 14411 et seq., Business and Professions Code)Publish: Mountain Views News Dates Pub: March 08, 15, 22, 29, 2014
FICTITIOUS BUSINESS NAME STATEMENT FILE NO. 2014-060891
The following person(s) is (are) doing business as: CALIFORNIA TABLE TENNIS. 2727 STINGLE AVE. #11, ROSEMEAD, CA 91770. Full name of registrant(s) is (are) CALIFORNIA TABLE TENNIS. 2727 STINGLE AVE. #11, ROSEMEAD, CA 91770. This Business is conducted by: A CORPORATION. Signed: ADAM CHEN. This statement was filed with the County Clerk of Los Angeles County on 03/06/2014. The registrant(s) has (have) commenced to transact business under the fictitious business name or names listed above on N/A. NOTICE: This Fictitious Name Statement expires five years from the date it was filed in the office of the County Clerk. A new Fictitious Business Name Statement must be filed prior to that date. The filing of this statement does not of itself authorize the use in this state of a Fictitious Business Name in violation of the rights of another under Federal, State, or common law (See section 14411 et seq., Business and Professions Code)Publish: Mountain Views News Dates Pub: March 08, 15, 22, 29, 2014
FICTITIOUS BUSINESS NAME STATEMENT FILE NO. 2014-056622
The following person(s) is (are) doing business as: CASA MICHOACAN. 3100 E. IMPERIAL HWY. #107, LYNWOOD, CA 90262. Full name of registrant(s) is (are) TEODORO GALVEZ GALVEZ. 2923 DANIEL AVE., SAN DIEGO, CA 92111. This Business is conducted by: AN INDIVIDUAL. Signed: TEODORO GALVEZ GALVEZ. This statement was filed with the County Clerk of Los Angeles County on 03/03/2014. The registrant(s) has (have) commenced to transact business under the fictitious business name or names listed above on N/A. NOTICE: This Fictitious Name Statement expires five years from the date it was filed in the office of the County Clerk. A new Fictitious Business Name Statement must be filed prior to that date. The filing of this statement does not of itself authorize the use in this state of a Fictitious Business Name in violation of the rights of another under Federal, State, or common law (See section 14411 et seq., Business and Professions Code)Publish: Mountain Views News Dates Pub: March 08, 15, 22, 29, 2014
FICTITIOUS BUSINESS NAME STATEMENT FILE NO. 2014-057066
The following person(s) is (are) doing business as: CASTILLO BAKERY. 153 W. WASHINGTON BLVD., MONTEBELLO, CA 90640. Full name of registrant(s) is (are) ROBERTO GARCIA CASTILLO. 153 W. WASHINGTON BLVD., MONTEBELLO, CA 90640. This Business is conducted by: AN INDIVIDUAL. Signed: ROBERTO GARCIA CASTILLO. This statement was filed with the County Clerk of Los Angeles County on 03/04/2014. The registrant(s) has (have) commenced to transact business under the fictitious business name or names listed above on N/A. NOTICE: This Fictitious Name Statement expires five years from the date it was filed in the office of the County Clerk. A new Fictitious Business Name Statement must be filed prior to that date. The filing of this statement does not of itself authorize the use in this state of a Fictitious Business Name in violation of the rights of another under Federal, State, or common law (See section 14411 et seq., Business and Professions Code)Publish: Mountain Views News Dates Pub: March 08, 15, 22, 29, 2014
FICTITIOUS BUSINESS NAME STATEMENT FILE NO. 2014-057124
The following person(s) is (are) doing business as: CB GROUP. 16981 MAIN ST., LA PUENTE, CA 91744. Full name of registrant(s) is (are) RONGWEI GROUP. 16981 MAIN ST., LA PUENTE, CA 91744. This Business is conducted by: A CORPORATION. Signed: ZHONGU HUANG. This statement was filed with the County Clerk of Los Angeles County on 03/04/2014. The registrant(s) has (have) commenced to transact business under the fictitious business name or names listed above on N/A. NOTICE: This Fictitious Name Statement expires five years from the date it was filed in the office of the County Clerk. A new Fictitious Business Name Statement must be filed prior to that date. The filing of this statement does not of itself authorize the use in this state of a Fictitious Business Name in violation of the rights of another under Federal, State, or common law (See section 14411 et seq., Business and Professions Code)Publish: Mountain Views News Dates Pub: March 08, 15, 22, 29, 2014
FICTITIOUS BUSINESS NAME STATEMENT FILE NO. 2014-058339
The following person(s) is (are) doing business as: CHINESE AMERICAN COMMUNITY UNION. 990 N. HILL ST. #188, L.A., CA 90012. Full name of registrant(s) is (are) CHEUK KOW WOO. 990 N. HILL ST. #188, L.A., CA 90012. This Business is conducted by: AN INDIVIDUAL. Signed: CHEUK KOW WOO. This statement was filed with the County Clerk of Los Angeles County on 03/04/2014. The registrant(s) has (have) commenced to transact business under the fictitious business name
